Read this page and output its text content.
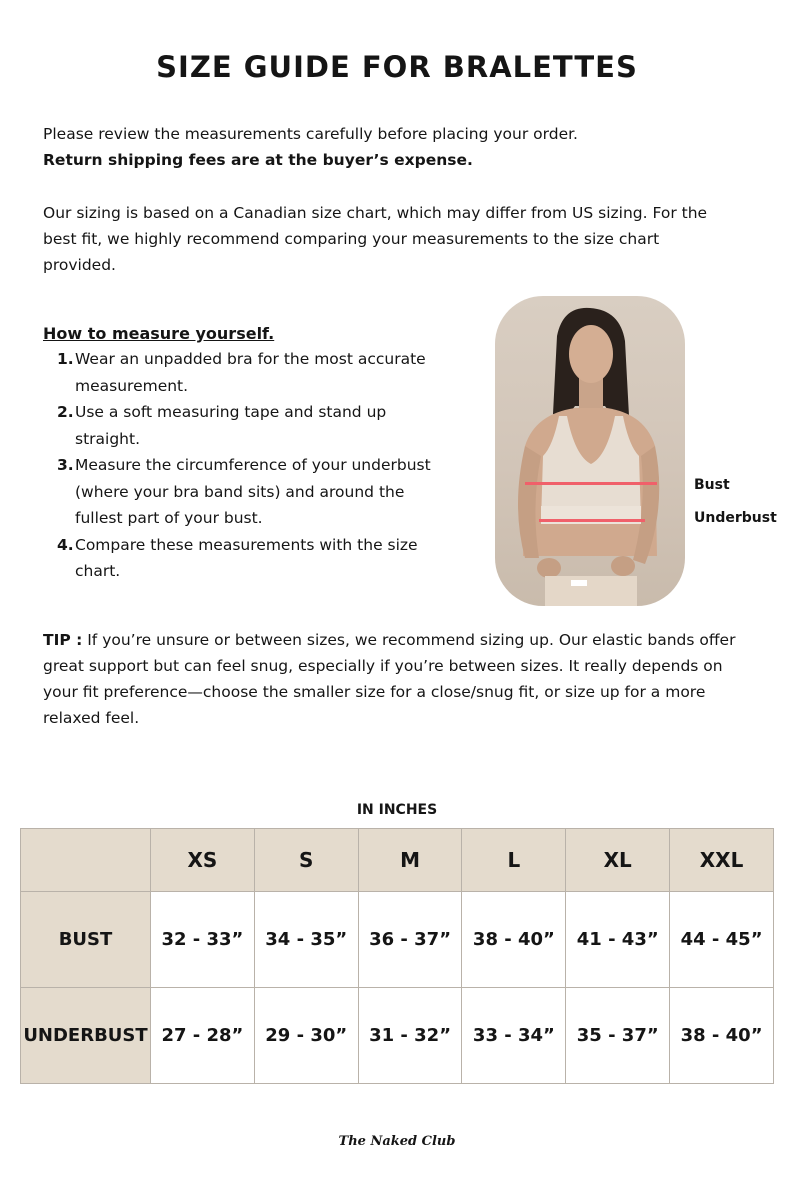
SIZE GUIDE FOR BRALETTES
Please review the measurements carefully before placing your order.
Return shipping fees are at the buyer’s expense.
Our sizing is based on a Canadian size chart, which may differ from US sizing. For the best fit, we highly recommend comparing your measurements to the size chart provided.
How to measure yourself.
1. Wear an unpadded bra for the most accurate measurement.
2. Use a soft measuring tape and stand up straight.
3. Measure the circumference of your underbust (where your bra band sits) and around the fullest part of your bust.
4. Compare these measurements with the size chart.
Bust
Underbust
TIP : If you’re unsure or between sizes, we recommend sizing up. Our elastic bands offer great support but can feel snug, especially if you’re between sizes. It really depends on your fit preference—choose the smaller size for a close/snug fit, or size up for a more relaxed feel.
IN INCHES
	XS	S	M	L	XL	XXL
BUST	32 - 33”	34 - 35”	36 - 37”	38 - 40”	41 - 43”	44 - 45”
UNDERBUST	27 - 28”	29 - 30”	31 - 32”	33 - 34”	35 - 37”	38 - 40”
The Naked Club
